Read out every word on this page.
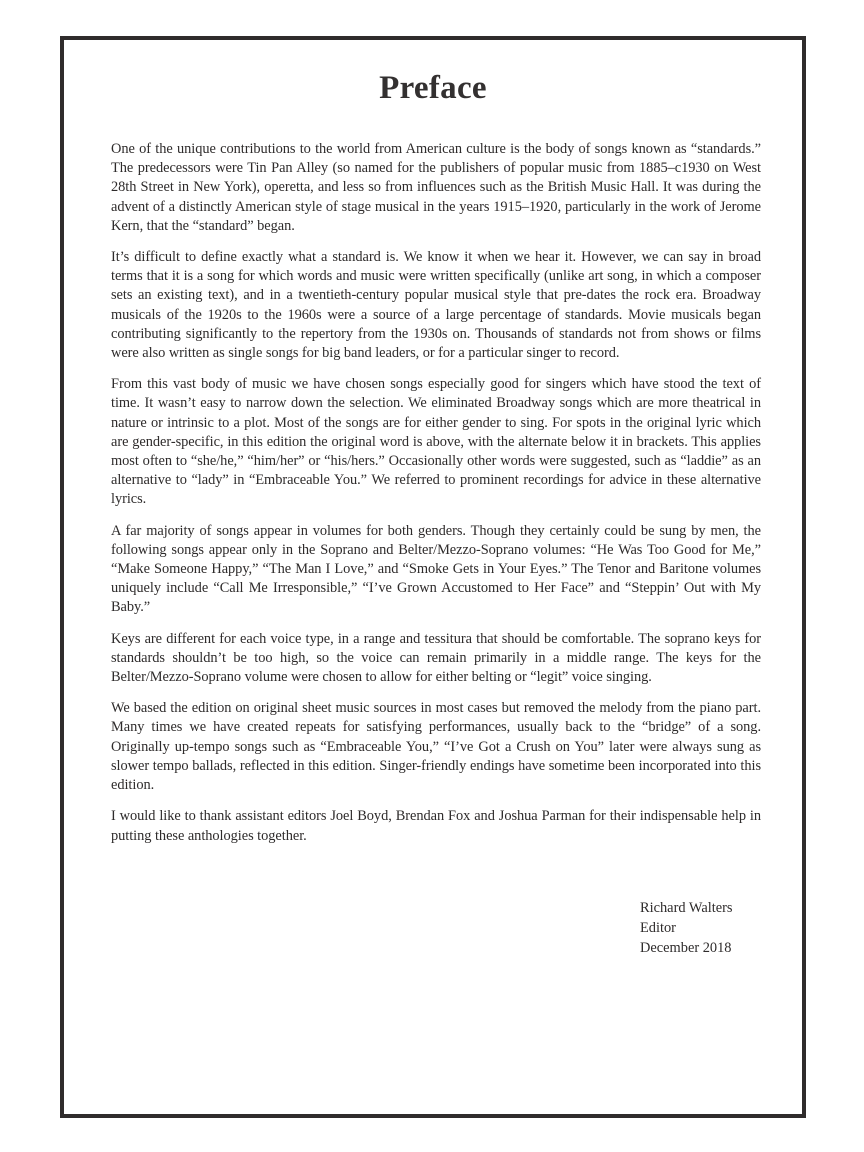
Preface

One of the unique contributions to the world from American culture is the body of songs known as “standards.” The predecessors were Tin Pan Alley (so named for the publishers of popular music from 1885–c1930 on West 28th Street in New York), operetta, and less so from influences such as the British Music Hall. It was during the advent of a distinctly American style of stage musical in the years 1915–1920, particularly in the work of Jerome Kern, that the “standard” began.

It’s difficult to define exactly what a standard is. We know it when we hear it. However, we can say in broad terms that it is a song for which words and music were written specifically (unlike art song, in which a composer sets an existing text), and in a twentieth-century popular musical style that pre-dates the rock era. Broadway musicals of the 1920s to the 1960s were a source of a large percentage of standards. Movie musicals began contributing significantly to the repertory from the 1930s on. Thousands of standards not from shows or films were also written as single songs for big band leaders, or for a particular singer to record.

From this vast body of music we have chosen songs especially good for singers which have stood the text of time. It wasn’t easy to narrow down the selection. We eliminated Broadway songs which are more theatrical in nature or intrinsic to a plot. Most of the songs are for either gender to sing. For spots in the original lyric which are gender-specific, in this edition the original word is above, with the alternate below it in brackets. This applies most often to “she/he,” “him/her” or “his/hers.” Occasionally other words were suggested, such as “laddie” as an alternative to “lady” in “Embraceable You.” We referred to prominent recordings for advice in these alternative lyrics.

A far majority of songs appear in volumes for both genders. Though they certainly could be sung by men, the following songs appear only in the Soprano and Belter/Mezzo-Soprano volumes: “He Was Too Good for Me,” “Make Someone Happy,” “The Man I Love,” and “Smoke Gets in Your Eyes.” The Tenor and Baritone volumes uniquely include “Call Me Irresponsible,” “I’ve Grown Accustomed to Her Face” and “Steppin’ Out with My Baby.”

Keys are different for each voice type, in a range and tessitura that should be comfortable. The soprano keys for standards shouldn’t be too high, so the voice can remain primarily in a middle range. The keys for the Belter/Mezzo-Soprano volume were chosen to allow for either belting or “legit” voice singing.

We based the edition on original sheet music sources in most cases but removed the melody from the piano part. Many times we have created repeats for satisfying performances, usually back to the “bridge” of a song. Originally up-tempo songs such as “Embraceable You,” “I’ve Got a Crush on You” later were always sung as slower tempo ballads, reflected in this edition. Singer-friendly endings have sometime been incorporated into this edition.

I would like to thank assistant editors Joel Boyd, Brendan Fox and Joshua Parman for their indispensable help in putting these anthologies together.

Richard Walters
Editor
December 2018
